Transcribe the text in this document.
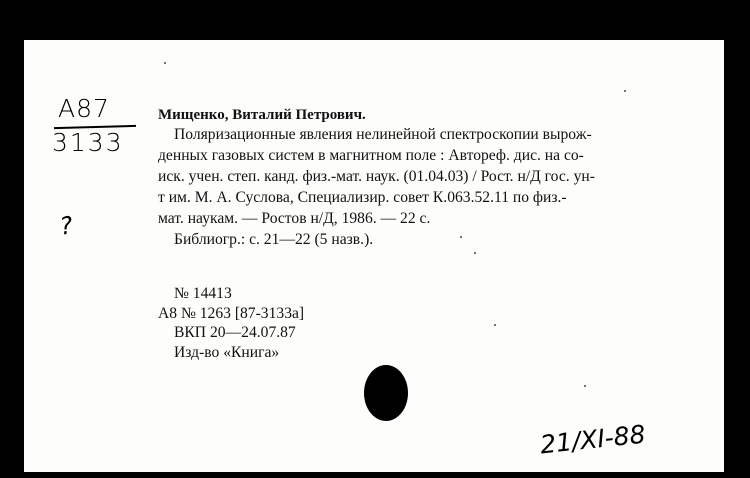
А87
3133
?
Мищенко, Виталий Петрович.
Поляризационные явления нелинейной спектроскопии вырож-
денных газовых систем в магнитном поле : Автореф. дис. на со-
иск. учен. степ. канд. физ.-мат. наук. (01.04.03) / Рост. н/Д гос. ун-
т им. М. А. Суслова, Специализир. совет К.063.52.11 по физ.-
мат. наукам. — Ростов н/Д, 1986. — 22 с.
Библиогр.: с. 21—22 (5 назв.).
№ 14413
А8 № 1263 [87-3133а]
ВКП 20—24.07.87
Изд-во «Книга»
21/XI-88
